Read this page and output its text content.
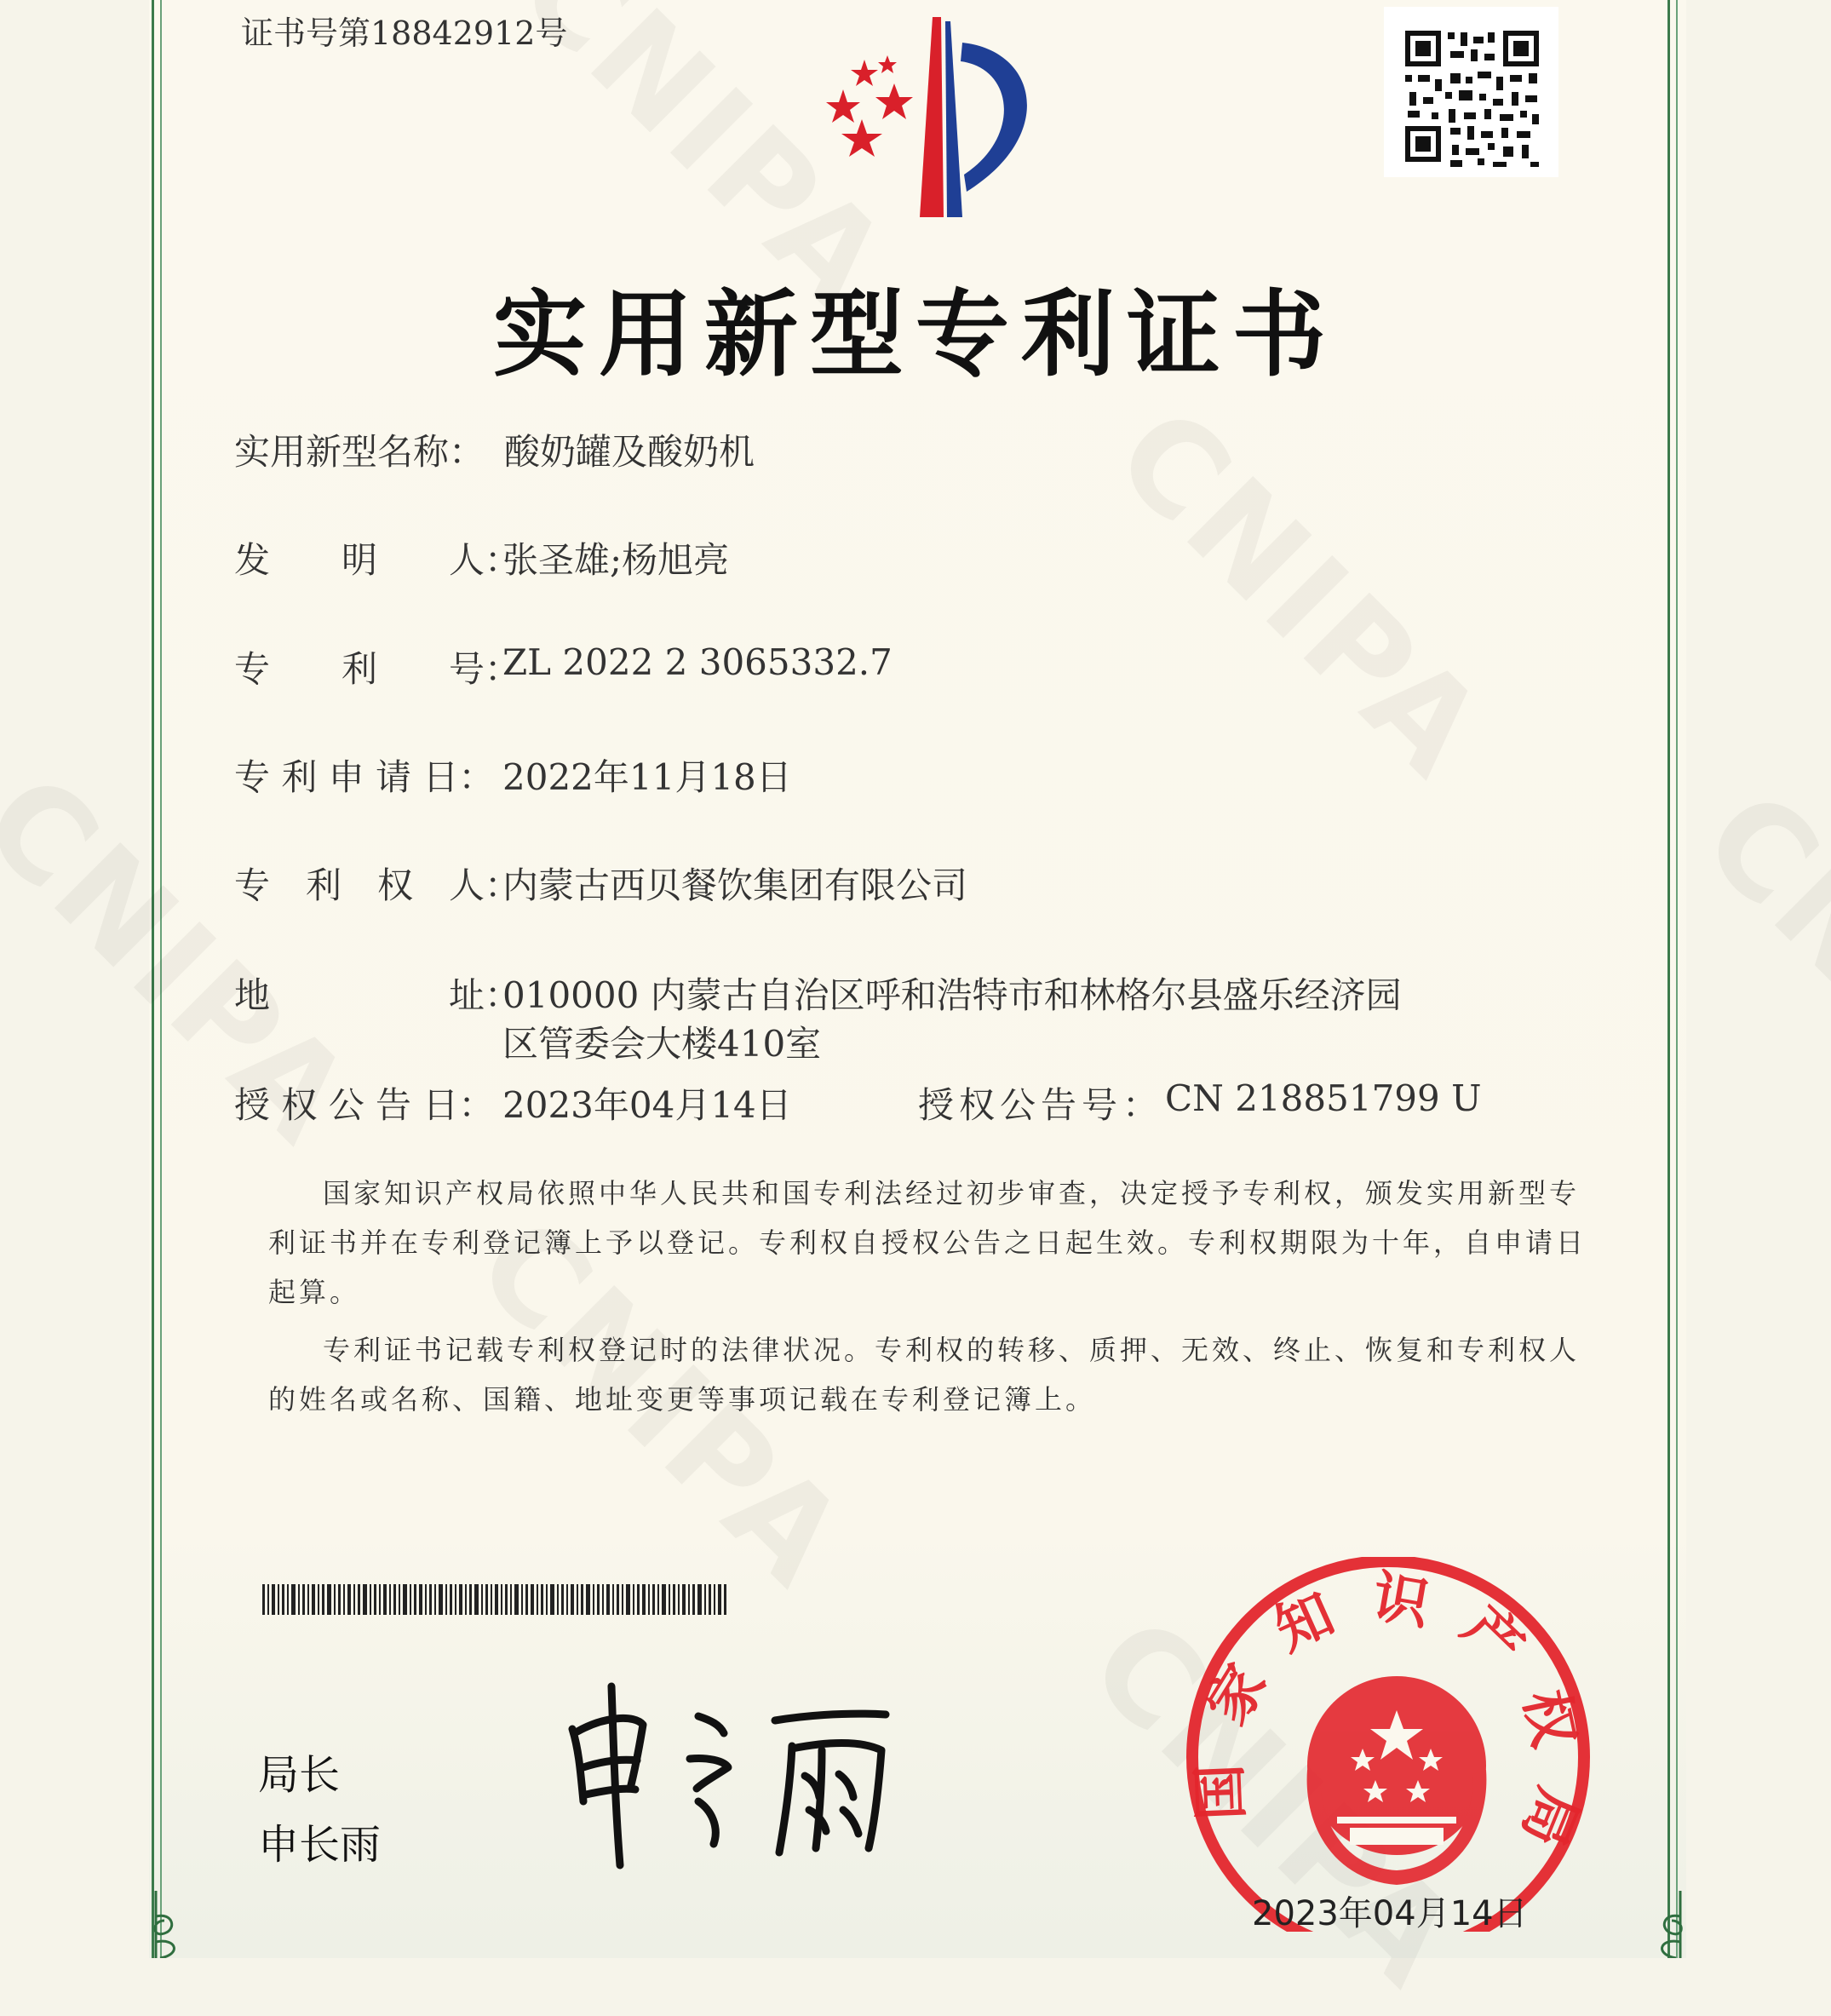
证书号第18842912号
实用新型专利证书
实用新型名称： 酸奶罐及酸奶机
发　　明　　人：
张圣雄;杨旭亮
专　　利　　号：
ZL 2022 2 3065332.7
专 利 申 请 日： 2022年11月18日
专　利　权　人：
内蒙古西贝餐饮集团有限公司
地　　　　　址：
010000 内蒙古自治区呼和浩特市和林格尔县盛乐经济园
区管委会大楼410室
授 权 公 告 日： 2023年04月14日	授权公告号： CN 218851799 U

国家知识产权局依照中华人民共和国专利法经过初步审查，决定授予专利权，颁发实用新型专利证书并在专利登记簿上予以登记。专利权自授权公告之日起生效。专利权期限为十年，自申请日起算。

专利证书记载专利权登记时的法律状况。专利权的转移、质押、无效、终止、恢复和专利权人的姓名或名称、国籍、地址变更等事项记载在专利登记簿上。

局长
申长雨
国家知识产权局
2023年04月14日
